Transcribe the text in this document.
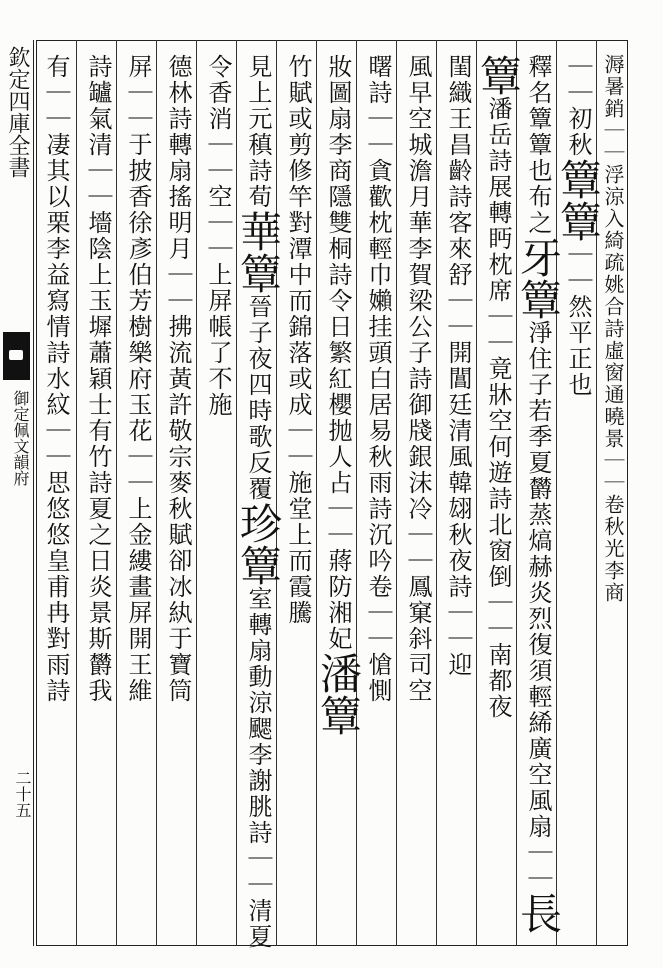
欽定四庫全書
御定佩文韻府
二十五
｜｜初秋簟簟｜｜然平正也
釋名簟簟也布之牙簟淨住子若季夏欝蒸熇赫炎烈復須輕絺廣空風扇｜｜長
簟潘岳詩展轉眄枕席｜｜竟牀空何遊詩北窗倒｜｜南都夜
閨織王昌齡詩客來舒｜｜開閶廷清風韓翃秋夜詩｜｜迎
風早空城澹月華李賀梁公子詩御牋銀沫冷｜｜鳳窠斜司空
曙詩｜｜貪歡枕輕巾嬾挂頭白居易秋雨詩沉吟卷｜｜愴惻
妝圖扇李商隱雙桐詩令日繁紅櫻抛人占｜｜蔣防湘妃潘簟
竹賦或剪修竿對潭中而錦落或成｜｜施堂上而霞騰
見上元稹詩荀華簟晉子夜四時歌反覆珍簟室轉扇動涼颸李謝朓詩｜｜清夏
令香消｜｜空｜｜上屏帳了不施
德林詩轉扇搖明月｜｜拂流黃許敬宗麥秋賦卻冰紈于寶筒
屏｜｜于披香徐彥伯芳樹樂府玉花｜｜上金縷畫屏開王維
詩罏氣清｜｜墻陰上玉墀蕭穎士有竹詩夏之日炎景斯欝我
有｜｜凄其以栗李益寫情詩水紋｜｜思悠悠皇甫冉對雨詩	溽暑銷｜｜浮涼入綺疏姚合詩虛窗通曉景｜｜卷秋光李商
